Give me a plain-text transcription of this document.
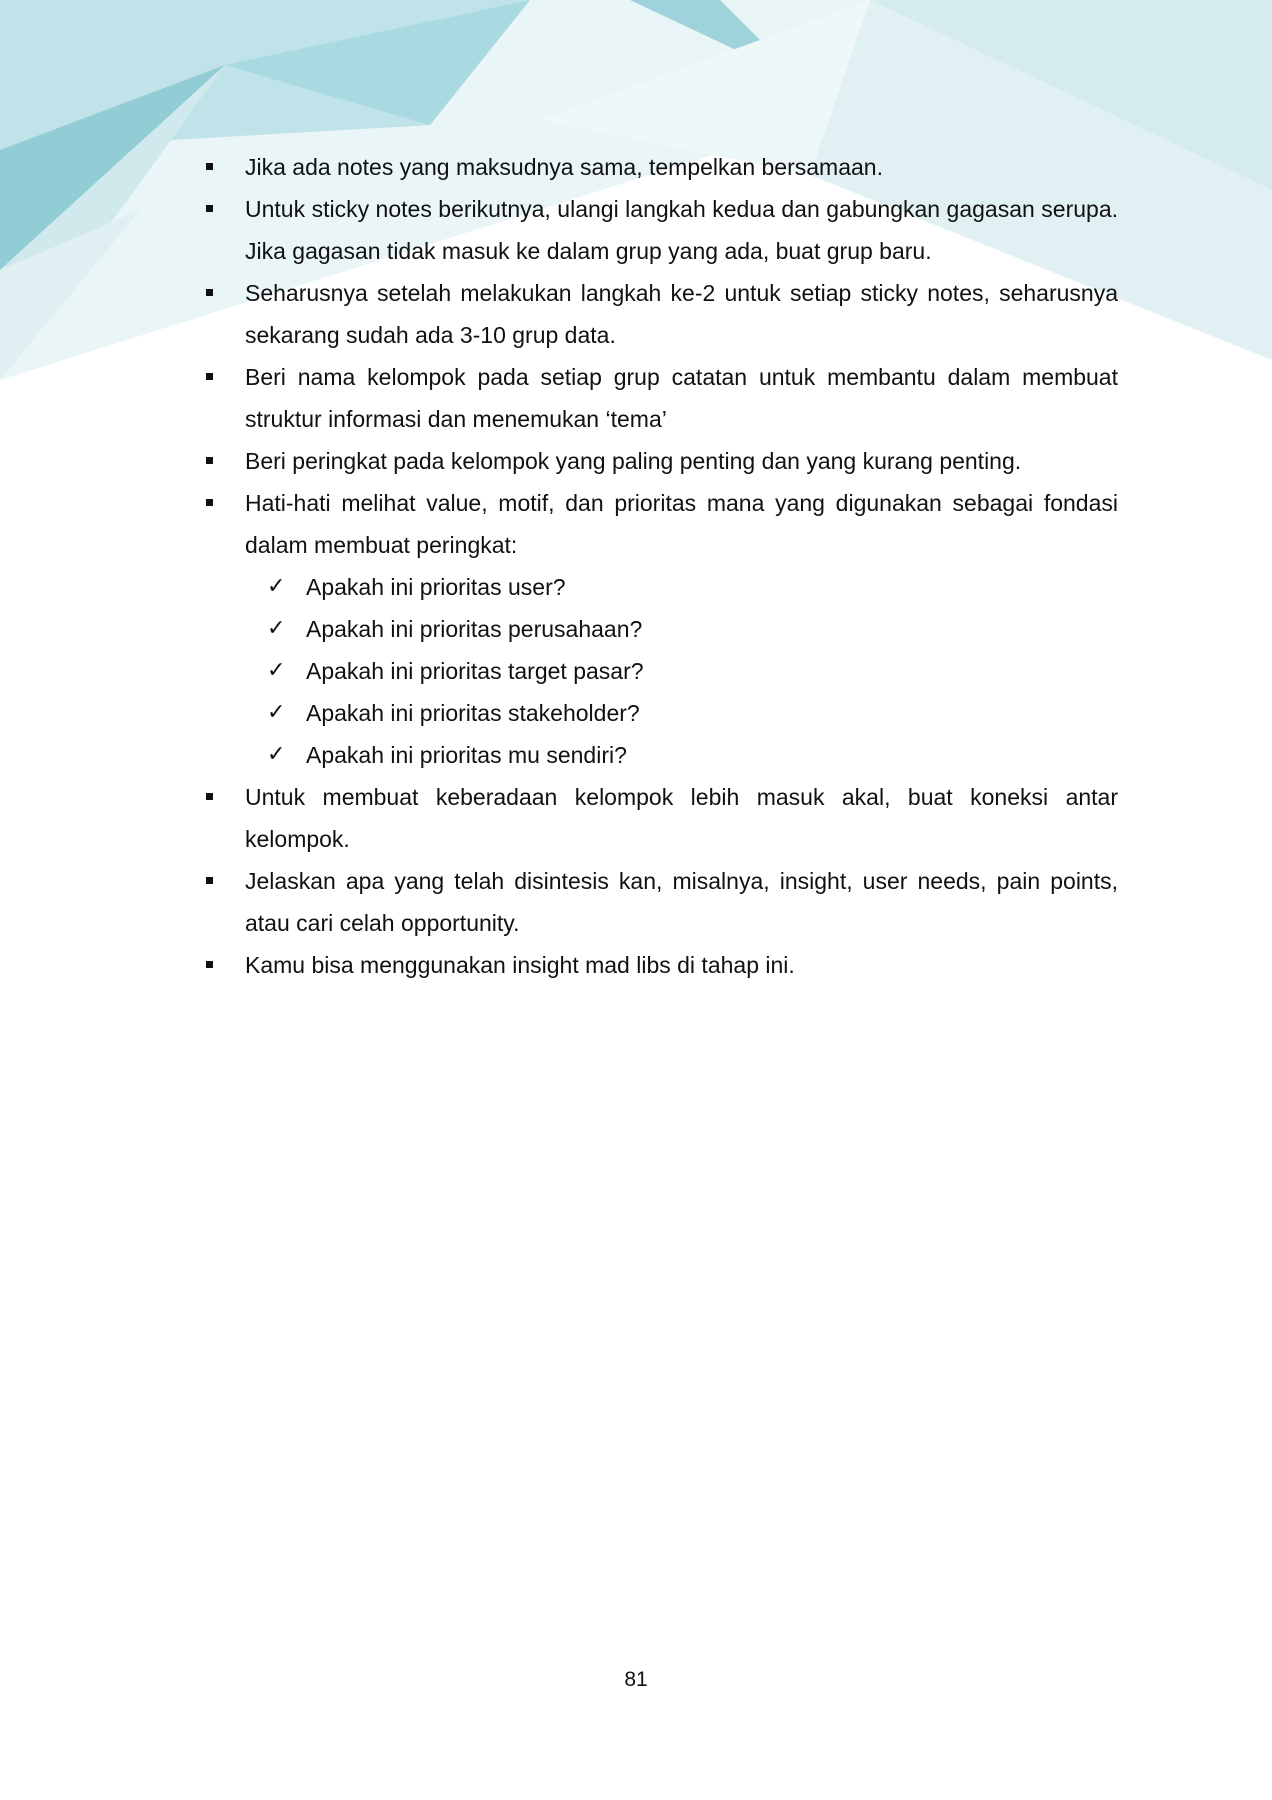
Jika ada notes yang maksudnya sama, tempelkan bersamaan.
Untuk sticky notes berikutnya, ulangi langkah kedua dan gabungkan gagasan serupa. Jika gagasan tidak masuk ke dalam grup yang ada, buat grup baru.
Seharusnya setelah melakukan langkah ke-2 untuk setiap sticky notes, seharusnya sekarang sudah ada 3-10 grup data.
Beri nama kelompok pada setiap grup catatan untuk membantu dalam membuat struktur informasi dan menemukan ‘tema’
Beri peringkat pada kelompok yang paling penting dan yang kurang penting.
Hati-hati melihat value, motif, dan prioritas mana yang digunakan sebagai fondasi dalam membuat peringkat:
✓ Apakah ini prioritas user?
✓ Apakah ini prioritas perusahaan?
✓ Apakah ini prioritas target pasar?
✓ Apakah ini prioritas stakeholder?
✓ Apakah ini prioritas mu sendiri?
Untuk membuat keberadaan kelompok lebih masuk akal, buat koneksi antar kelompok.
Jelaskan apa yang telah disintesis kan, misalnya, insight, user needs, pain points, atau cari celah opportunity.
Kamu bisa menggunakan insight mad libs di tahap ini.
81
